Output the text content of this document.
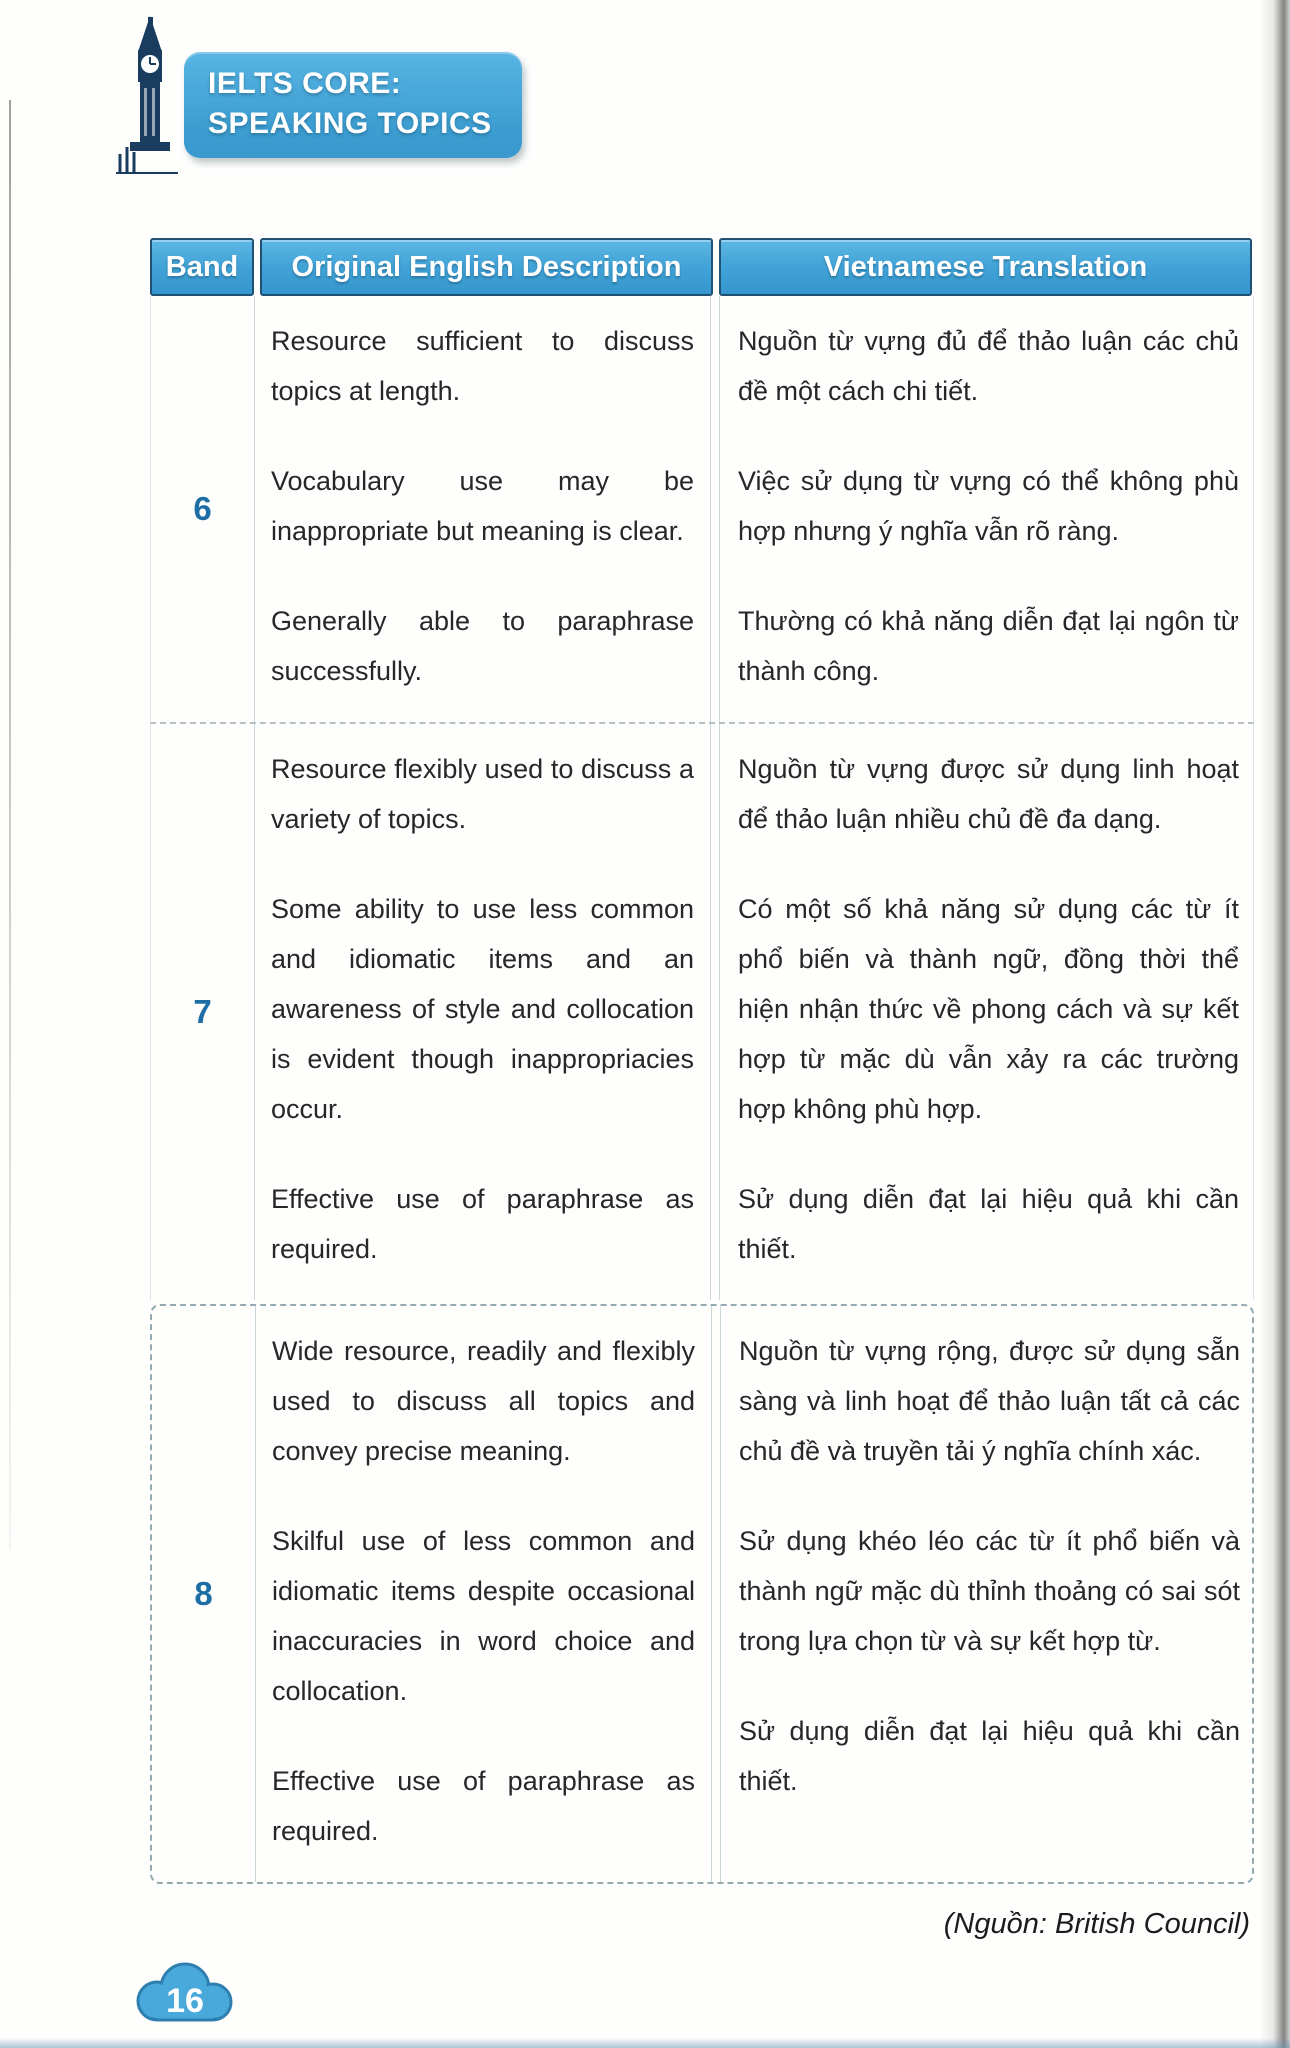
IELTS CORE:
SPEAKING TOPICS
Band	Original English Description	Vietnamese Translation
6

Resource sufficient to discuss topics at length.

Vocabulary use may be inappropriate but meaning is clear.

Generally able to paraphrase successfully.

Nguồn từ vựng đủ để thảo luận các chủ đề một cách chi tiết.

Việc sử dụng từ vựng có thể không phù hợp nhưng ý nghĩa vẫn rõ ràng.

Thường có khả năng diễn đạt lại ngôn từ thành công.

7

Resource flexibly used to discuss a variety of topics.

Some ability to use less common and idiomatic items and an awareness of style and collocation is evident though inappropriacies occur.

Effective use of paraphrase as required.

Nguồn từ vựng được sử dụng linh hoạt để thảo luận nhiều chủ đề đa dạng.

Có một số khả năng sử dụng các từ ít phổ biến và thành ngữ, đồng thời thể hiện nhận thức về phong cách và sự kết hợp từ mặc dù vẫn xảy ra các trường hợp không phù hợp.

Sử dụng diễn đạt lại hiệu quả khi cần thiết.

8

Wide resource, readily and flexibly used to discuss all topics and convey precise meaning.

Skilful use of less common and idiomatic items despite occasional inaccuracies in word choice and collocation.

Effective use of paraphrase as required.

Nguồn từ vựng rộng, được sử dụng sẵn sàng và linh hoạt để thảo luận tất cả các chủ đề và truyền tải ý nghĩa chính xác.

Sử dụng khéo léo các từ ít phổ biến và thành ngữ mặc dù thỉnh thoảng có sai sót trong lựa chọn từ và sự kết hợp từ.

Sử dụng diễn đạt lại hiệu quả khi cần thiết.

(Nguồn: British Council)
16
